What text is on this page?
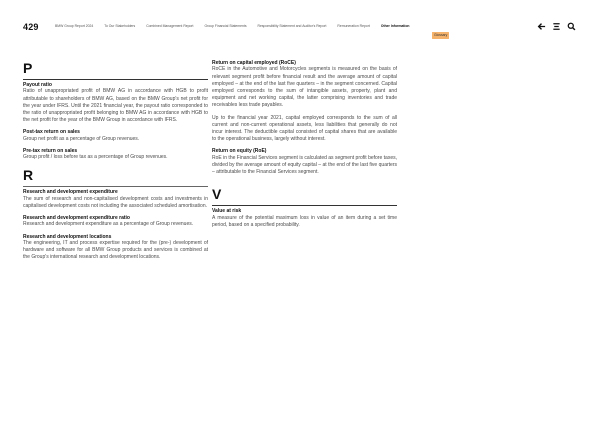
429	BMW Group Report 2024	To Our Stakeholders	Combined Management Report	Group Financial Statements	Responsibility Statement and Auditor's Report	Remuneration Report	Other Information
Glossary
P
Payout ratio

Ratio of unappropriated profit of BMW AG in accordance with HGB to profit attributable to shareholders of BMW AG, based on the BMW Group's net profit for the year under IFRS. Until the 2021 financial year, the payout ratio corresponded to the ratio of unappropriated profit belonging to BMW AG in accordance with HGB to the net profit for the year of the BMW Group in accordance with IFRS.

Post-tax return on sales

Group net profit as a percentage of Group revenues.

Pre-tax return on sales

Group profit / loss before tax as a percentage of Group revenues.

R
Research and development expenditure

The sum of research and non-capitalised development costs and investments in capitalised development costs not including the associated scheduled amortisation.

Research and development expenditure ratio

Research and development expenditure as a percentage of Group revenues.

Research and development locations

The engineering, IT and process expertise required for the (pre-) development of hardware and software for all BMW Group products and services is combined at the Group's international research and development locations.

Return on capital employed (RoCE)

RoCE in the Automotive and Motorcycles segments is measured on the basis of relevant segment profit before financial result and the average amount of capital employed – at the end of the last five quarters – in the segment concerned. Capital employed corresponds to the sum of intangible assets, property, plant and equipment and net working capital, the latter comprising inventories and trade receivables less trade payables.

Up to the financial year 2021, capital employed corresponds to the sum of all current and non-current operational assets, less liabilities that generally do not incur interest. The deductible capital consisted of capital shares that are available to the operational business, largely without interest.

Return on equity (RoE)

RoE in the Financial Services segment is calculated as segment profit before taxes, divided by the average amount of equity capital – at the end of the last five quarters – attributable to the Financial Services segment.

V
Value at risk

A measure of the potential maximum loss in value of an item during a set time period, based on a specified probability.
